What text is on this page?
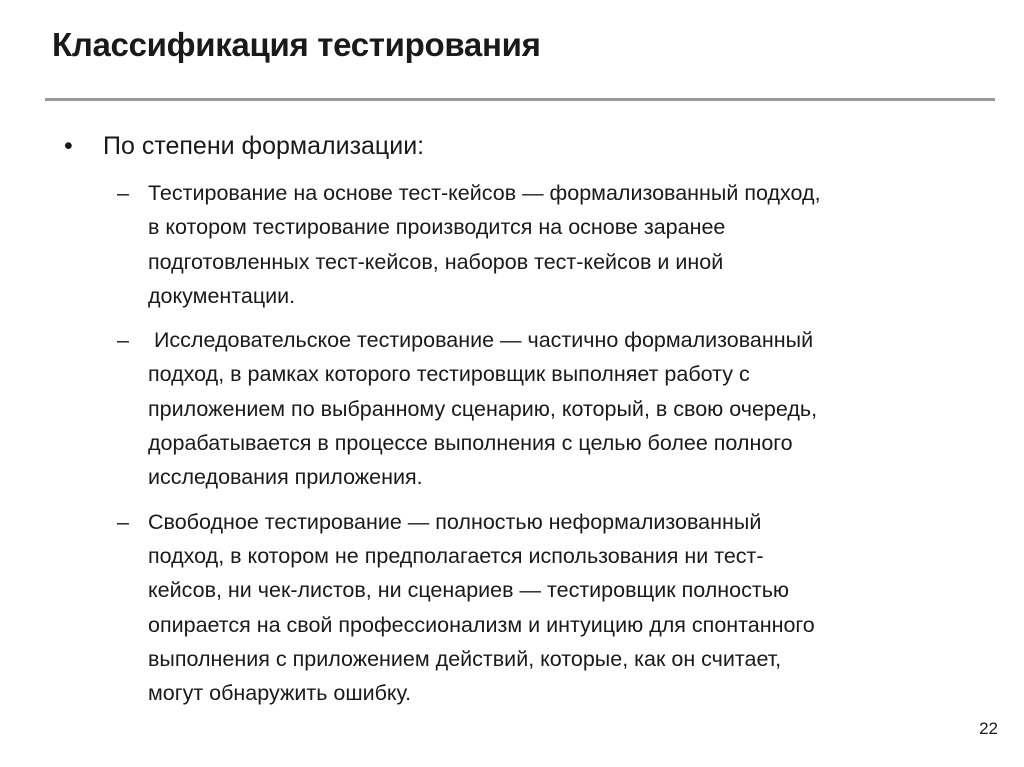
Классификация тестирования
• По степени формализации:
– Тестирование на основе тест-кейсов — формализованный подход,
в котором тестирование производится на основе заранее
подготовленных тест-кейсов, наборов тест-кейсов и иной
документации.
– Исследовательское тестирование — частично формализованный
подход, в рамках которого тестировщик выполняет работу с
приложением по выбранному сценарию, который, в свою очередь,
дорабатывается в процессе выполнения с целью более полного
исследования приложения.
– Свободное тестирование — полностью неформализованный
подход, в котором не предполагается использования ни тест-
кейсов, ни чек-листов, ни сценариев — тестировщик полностью
опирается на свой профессионализм и интуицию для спонтанного
выполнения с приложением действий, которые, как он считает,
могут обнаружить ошибку.
22
